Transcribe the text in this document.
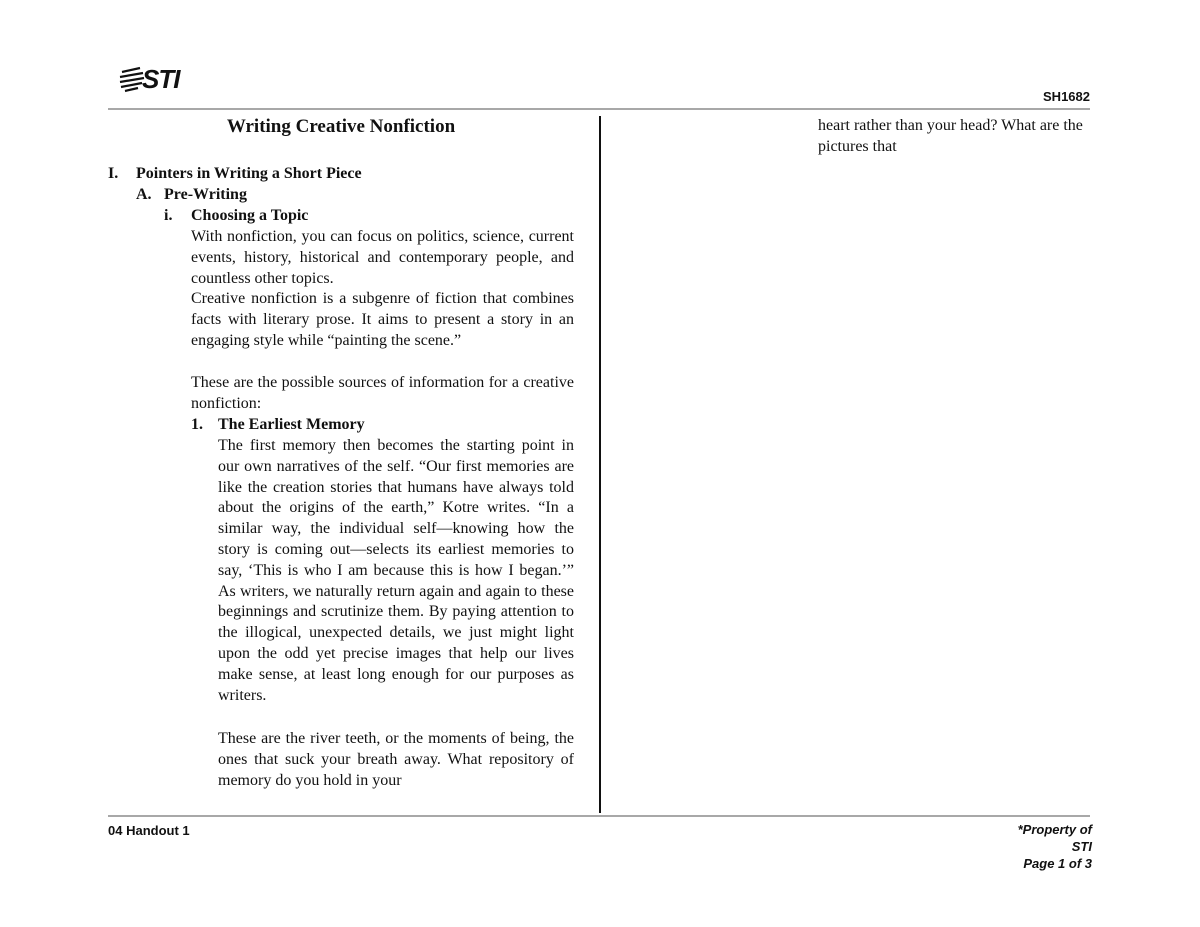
STI
SH1682
Writing Creative Nonfiction
I. Pointers in Writing a Short Piece
A. Pre-Writing
i. Choosing a Topic
With nonfiction, you can focus on politics, science, current events, history, historical and contemporary people, and countless other topics.
Creative nonfiction is a subgenre of fiction that combines facts with literary prose. It aims to present a story in an engaging style while “painting the scene.”
These are the possible sources of information for a creative nonfiction:
1. The Earliest Memory
The first memory then becomes the starting point in our own narratives of the self. “Our first memories are like the creation stories that humans have always told about the origins of the earth,” Kotre writes. “In a similar way, the individual self—knowing how the story is coming out—selects its earliest memories to say, ‘This is who I am because this is how I began.’” As writers, we naturally return again and again to these beginnings and scrutinize them. By paying attention to the illogical, unexpected details, we just might light upon the odd yet precise images that help our lives make sense, at least long enough for our purposes as writers.
These are the river teeth, or the moments of being, the ones that suck your breath away. What repository of memory do you hold in your
heart rather than your head? What are the pictures that
04 Handout 1	*Property of
STI
Page 1 of 3
